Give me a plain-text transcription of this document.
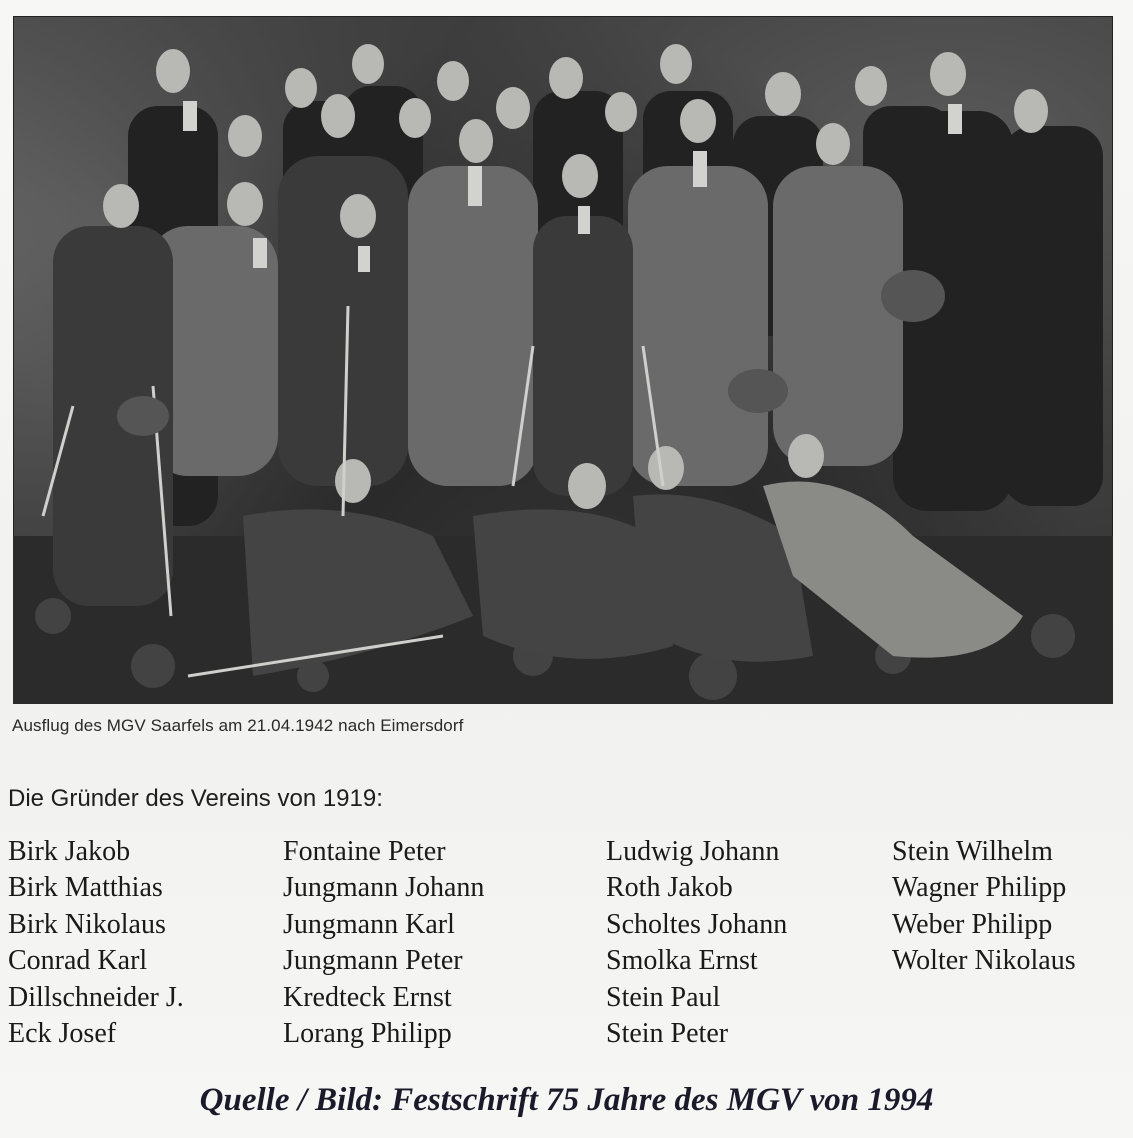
Ausflug des MGV Saarfels am 21.04.1942 nach Eimersdorf
Die Gründer des Vereins von 1919:
Birk Jakob
Birk Matthias
Birk Nikolaus
Conrad Karl
Dillschneider J.
Eck Josef
Fontaine Peter
Jungmann Johann
Jungmann Karl
Jungmann Peter
Kredteck Ernst
Lorang Philipp
Ludwig Johann
Roth Jakob
Scholtes Johann
Smolka Ernst
Stein Paul
Stein Peter
Stein Wilhelm
Wagner Philipp
Weber Philipp
Wolter Nikolaus
Quelle / Bild: Festschrift 75 Jahre des MGV von 1994
